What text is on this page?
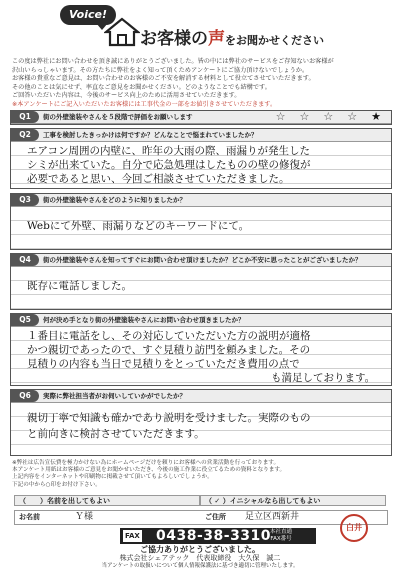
Voice!
お客様の声をお聞かせください
この度は弊社にお問い合わせを頂き誠にありがとうございました。皆の中には弊社のサービスをご存知ないお客様が
沢山いらっしゃいます。その方たちに弊社をよく知って頂くためアンケートにご協力頂けないでしょうか。
お客様の貴重なご意見は、お問い合わせのお客様のご不安を解消する材料として役立てさせていただきます。
その他のことは気にせず、率直なご意見をお聞かせください。どのようなことでも結構です。
ご回答いただいた内容は、今後のサービス向上のために活用させていただきます。
※本アンケートにご記入いただいたお客様には工事代金の一部をお値引きさせていただきます。
Q1	街の外壁塗装やさんを５段階で評価をお願いします	☆ ☆ ☆ ☆ ★
Q2	工事を検討したきっかけは何ですか？どんなことで悩まれていましたか？
エアコン周囲の内壁に、昨年の大雨の際、雨漏りが発生した
シミが出来ていた。自分で応急処理はしたものの壁の修復が
必要であると思い、今回ご相談させていただきました。
Q3	街の外壁塗装やさんをどのように知りましたか？
Webにて外壁、雨漏りなどのキーワードにて。
Q4	街の外壁塗装やさんを知ってすぐにお問い合わせ頂けましたか？どこか不安に思ったことがございましたか？
既存に電話しました。
Q5	何が決め手となり街の外壁塗装やさんにお問い合わせ頂きましたか？
１番目に電話をし、その対応していただいた方の説明が適格
かつ親切であったので、すぐ見積り訪門を頼みました。その
見積りの内容も当日で見積りをとっていただき費用の点で
も満足しております。
Q6	実際に弊社担当者がお伺いしていかがでしたか？
親切丁寧で知識も確かであり説明を受けました。実際のもの
と前向きに検討させていただきます。
※弊社は広告宣伝費を極力かけない為にホームページだけを頼りにお客様への営業活動を行っております。
本アンケート用紙はお客様のご意見をお聞かせいただき、今後の施工作業に役立てるための資料となります。
上記内容をインターネットや印刷物に掲載させて頂いてもよろしいでしょうか。
下記の中から○印をお付け下さい。
（　　）名前を出してもよい	（ ✓ ）イニシャルなら出してもよい
お名前	Ｙ様	ご住所 足立区西新井
FAX 0438-38-3310
本社直通
FAX番号
白井
ご協力ありがとうございました。
株式会社シェアテック　代表取締役　大久保　誠二
当アンケートの取扱いについて個人情報保護法に基づき適切に管理いたします。
